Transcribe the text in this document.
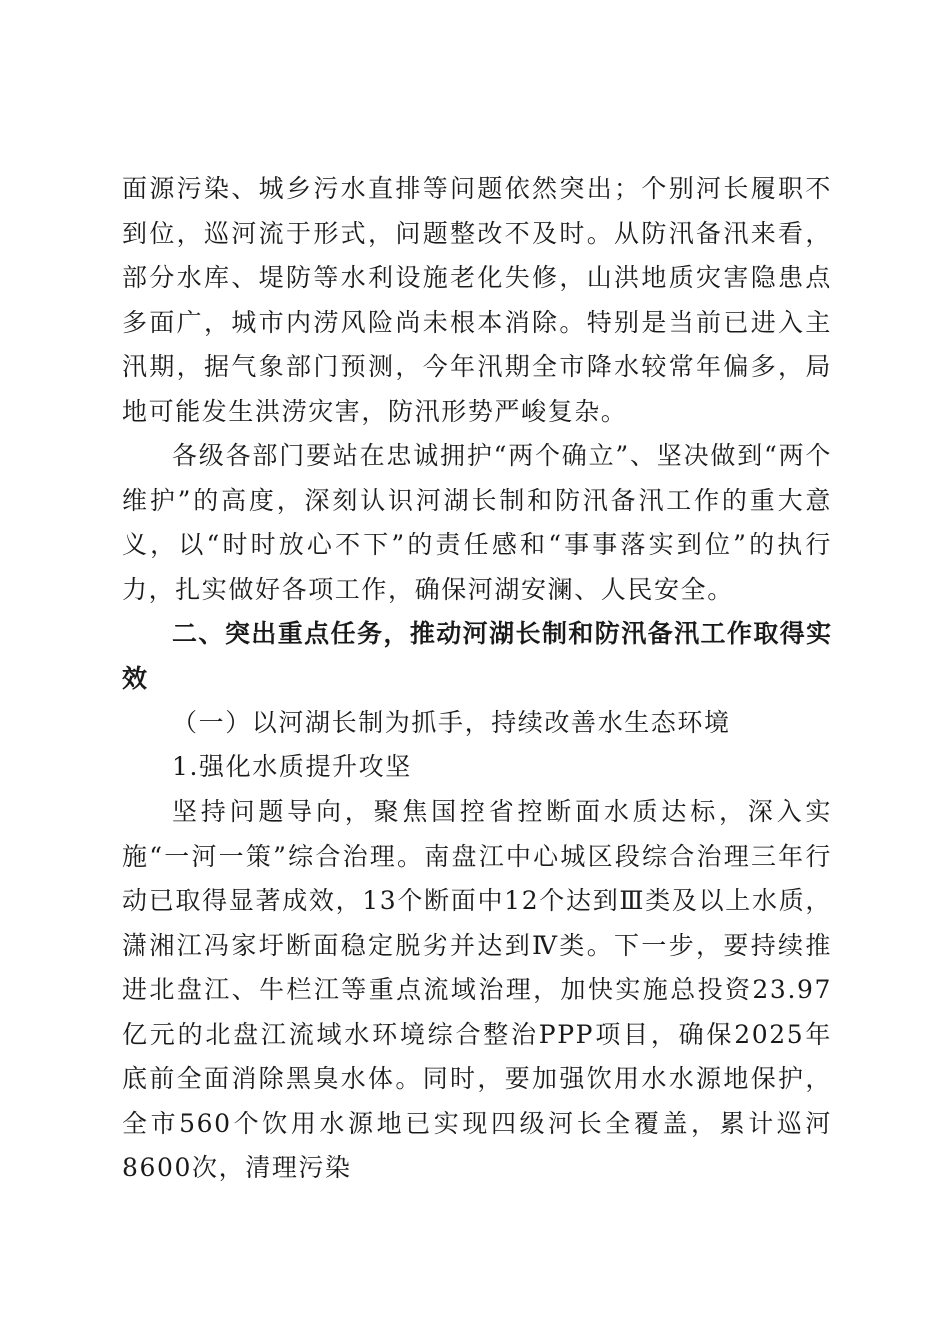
面源污染、城乡污水直排等问题依然突出；个别河长履职不到位，巡河流于形式，问题整改不及时。从防汛备汛来看，部分水库、堤防等水利设施老化失修，山洪地质灾害隐患点多面广，城市内涝风险尚未根本消除。特别是当前已进入主汛期，据气象部门预测，今年汛期全市降水较常年偏多，局地可能发生洪涝灾害，防汛形势严峻复杂。

各级各部门要站在忠诚拥护“两个确立”、坚决做到“两个维护”的高度，深刻认识河湖长制和防汛备汛工作的重大意义，以“时时放心不下”的责任感和“事事落实到位”的执行力，扎实做好各项工作，确保河湖安澜、人民安全。

二、突出重点任务，推动河湖长制和防汛备汛工作取得实效

（一）以河湖长制为抓手，持续改善水生态环境

1.强化水质提升攻坚

坚持问题导向，聚焦国控省控断面水质达标，深入实施“一河一策”综合治理。南盘江中心城区段综合治理三年行动已取得显著成效，13个断面中12个达到Ⅲ类及以上水质，潇湘江冯家圩断面稳定脱劣并达到Ⅳ类。下一步，要持续推进北盘江、牛栏江等重点流域治理，加快实施总投资23.97亿元的北盘江流域水环境综合整治PPP项目，确保2025年底前全面消除黑臭水体。同时，要加强饮用水水源地保护，全市560个饮用水源地已实现四级河长全覆盖，累计巡河8600次，清理污染
